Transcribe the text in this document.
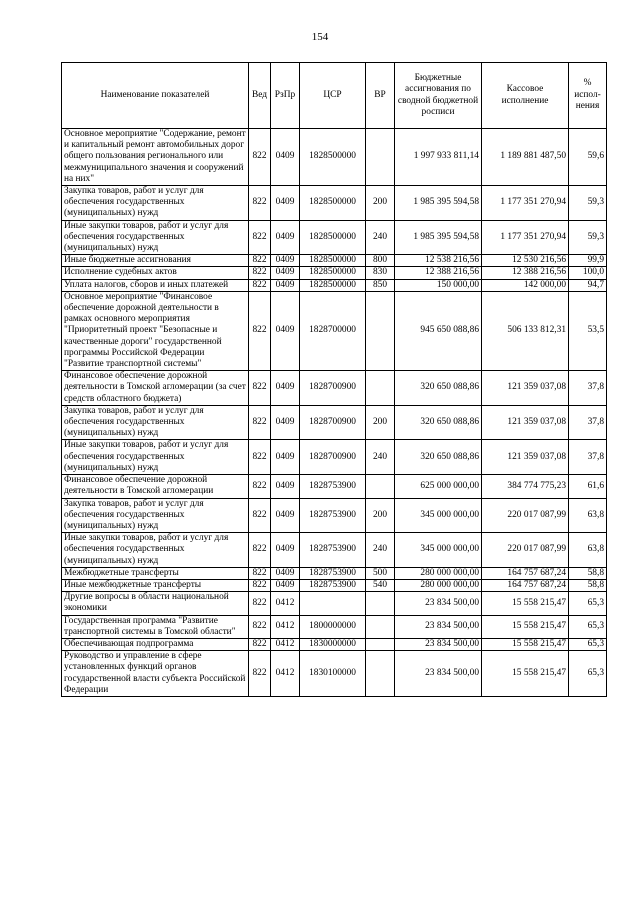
154
Наименование показателей	Вед	РзПр	ЦСР	ВР	Бюджетные ассигнования по сводной бюджетной росписи	Кассовое исполнение	% испол-нения
Основное мероприятие "Содержание, ремонт и капитальный ремонт автомобильных дорог общего пользования регионального или межмуниципального значения и сооружений на них"	822	0409	1828500000		1 997 933 811,14	1 189 881 487,50	59,6
Закупка товаров, работ и услуг для обеспечения государственных (муниципальных) нужд	822	0409	1828500000	200	1 985 395 594,58	1 177 351 270,94	59,3
Иные закупки товаров, работ и услуг для обеспечения государственных (муниципальных) нужд	822	0409	1828500000	240	1 985 395 594,58	1 177 351 270,94	59,3
Иные бюджетные ассигнования	822	0409	1828500000	800	12 538 216,56	12 530 216,56	99,9
Исполнение судебных актов	822	0409	1828500000	830	12 388 216,56	12 388 216,56	100,0
Уплата налогов, сборов и иных платежей	822	0409	1828500000	850	150 000,00	142 000,00	94,7
Основное мероприятие "Финансовое обеспечение дорожной деятельности в рамках основного мероприятия "Приоритетный проект "Безопасные и качественные дороги" государственной программы Российской Федерации "Развитие транспортной системы"	822	0409	1828700000		945 650 088,86	506 133 812,31	53,5
Финансовое обеспечение дорожной деятельности в Томской агломерации (за счет средств областного бюджета)	822	0409	1828700900		320 650 088,86	121 359 037,08	37,8
Закупка товаров, работ и услуг для обеспечения государственных (муниципальных) нужд	822	0409	1828700900	200	320 650 088,86	121 359 037,08	37,8
Иные закупки товаров, работ и услуг для обеспечения государственных (муниципальных) нужд	822	0409	1828700900	240	320 650 088,86	121 359 037,08	37,8
Финансовое обеспечение дорожной деятельности в Томской агломерации	822	0409	1828753900		625 000 000,00	384 774 775,23	61,6
Закупка товаров, работ и услуг для обеспечения государственных (муниципальных) нужд	822	0409	1828753900	200	345 000 000,00	220 017 087,99	63,8
Иные закупки товаров, работ и услуг для обеспечения государственных (муниципальных) нужд	822	0409	1828753900	240	345 000 000,00	220 017 087,99	63,8
Межбюджетные трансферты	822	0409	1828753900	500	280 000 000,00	164 757 687,24	58,8
Иные межбюджетные трансферты	822	0409	1828753900	540	280 000 000,00	164 757 687,24	58,8
Другие вопросы в области национальной экономики	822	0412			23 834 500,00	15 558 215,47	65,3
Государственная программа "Развитие транспортной системы в Томской области"	822	0412	1800000000		23 834 500,00	15 558 215,47	65,3
Обеспечивающая подпрограмма	822	0412	1830000000		23 834 500,00	15 558 215,47	65,3
Руководство и управление в сфере установленных функций органов государственной власти субъекта Российской Федерации	822	0412	1830100000		23 834 500,00	15 558 215,47	65,3
